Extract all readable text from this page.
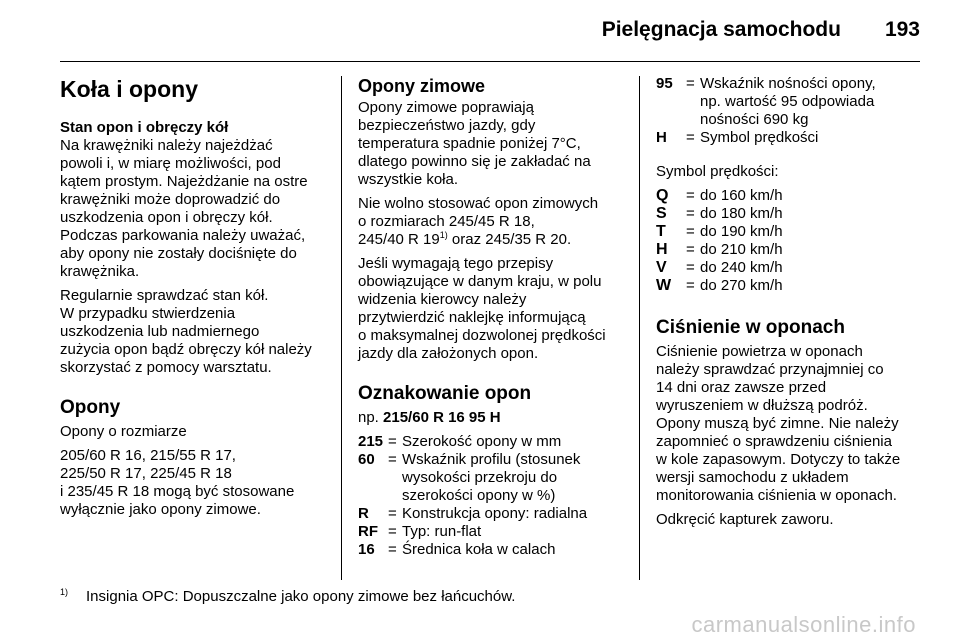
Pielęgnacja samochodu 193
Koła i opony
Stan opon i obręczy kół

Na krawężniki należy najeżdżać
powoli i, w miarę możliwości, pod
kątem prostym. Najeżdżanie na ostre
krawężniki może doprowadzić do
uszkodzenia opon i obręczy kół.
Podczas parkowania należy uważać,
aby opony nie zostały dociśnięte do
krawężnika.

Regularnie sprawdzać stan kół.
W przypadku stwierdzenia
uszkodzenia lub nadmiernego
zużycia opon bądź obręczy kół należy
skorzystać z pomocy warsztatu.

Opony

Opony o rozmiarze

205/60 R 16, 215/55 R 17,
225/50 R 17, 225/45 R 18
i 235/45 R 18 mogą być stosowane
wyłącznie jako opony zimowe.

Opony zimowe

Opony zimowe poprawiają
bezpieczeństwo jazdy, gdy
temperatura spadnie poniżej 7°C,
dlatego powinno się je zakładać na
wszystkie koła.

Nie wolno stosować opon zimowych
o rozmiarach 245/45 R 18,
245/40 R 19$^{1)}$ oraz 245/35 R 20.

Jeśli wymagają tego przepisy
obowiązujące w danym kraju, w polu
widzenia kierowcy należy
przytwierdzić naklejkę informującą
o maksymalnej dozwolonej prędkości
jazdy dla założonych opon.

Oznakowanie opon

np. 215/60 R 16 95 H

215 = Szerokość opony w mm
60 = Wskaźnik profilu (stosunek
wysokości przekroju do
szerokości opony w %)
R	= Konstrukcja opony: radialna
RF = Typ: run-flat
16 = Średnica koła w calach
95 = Wskaźnik nośności opony,
np. wartość 95 odpowiada
nośności 690 kg
H	= Symbol prędkości

Symbol prędkości:

Q	= do 160 km/h
S	= do 180 km/h
T	= do 190 km/h
H	= do 210 km/h
V	= do 240 km/h
W = do 270 km/h
Ciśnienie w oponach

Ciśnienie powietrza w oponach
należy sprawdzać przynajmniej co
14 dni oraz zawsze przed
wyruszeniem w dłuższą podróż.
Opony muszą być zimne. Nie należy
zapomnieć o sprawdzeniu ciśnienia
w kole zapasowym. Dotyczy to także
wersji samochodu z układem
monitorowania ciśnienia w oponach.

Odkręcić kapturek zaworu.

$^{1)}$ Insignia OPC: Dopuszczalne jako opony zimowe bez łańcuchów.
carmanualsonline.info
